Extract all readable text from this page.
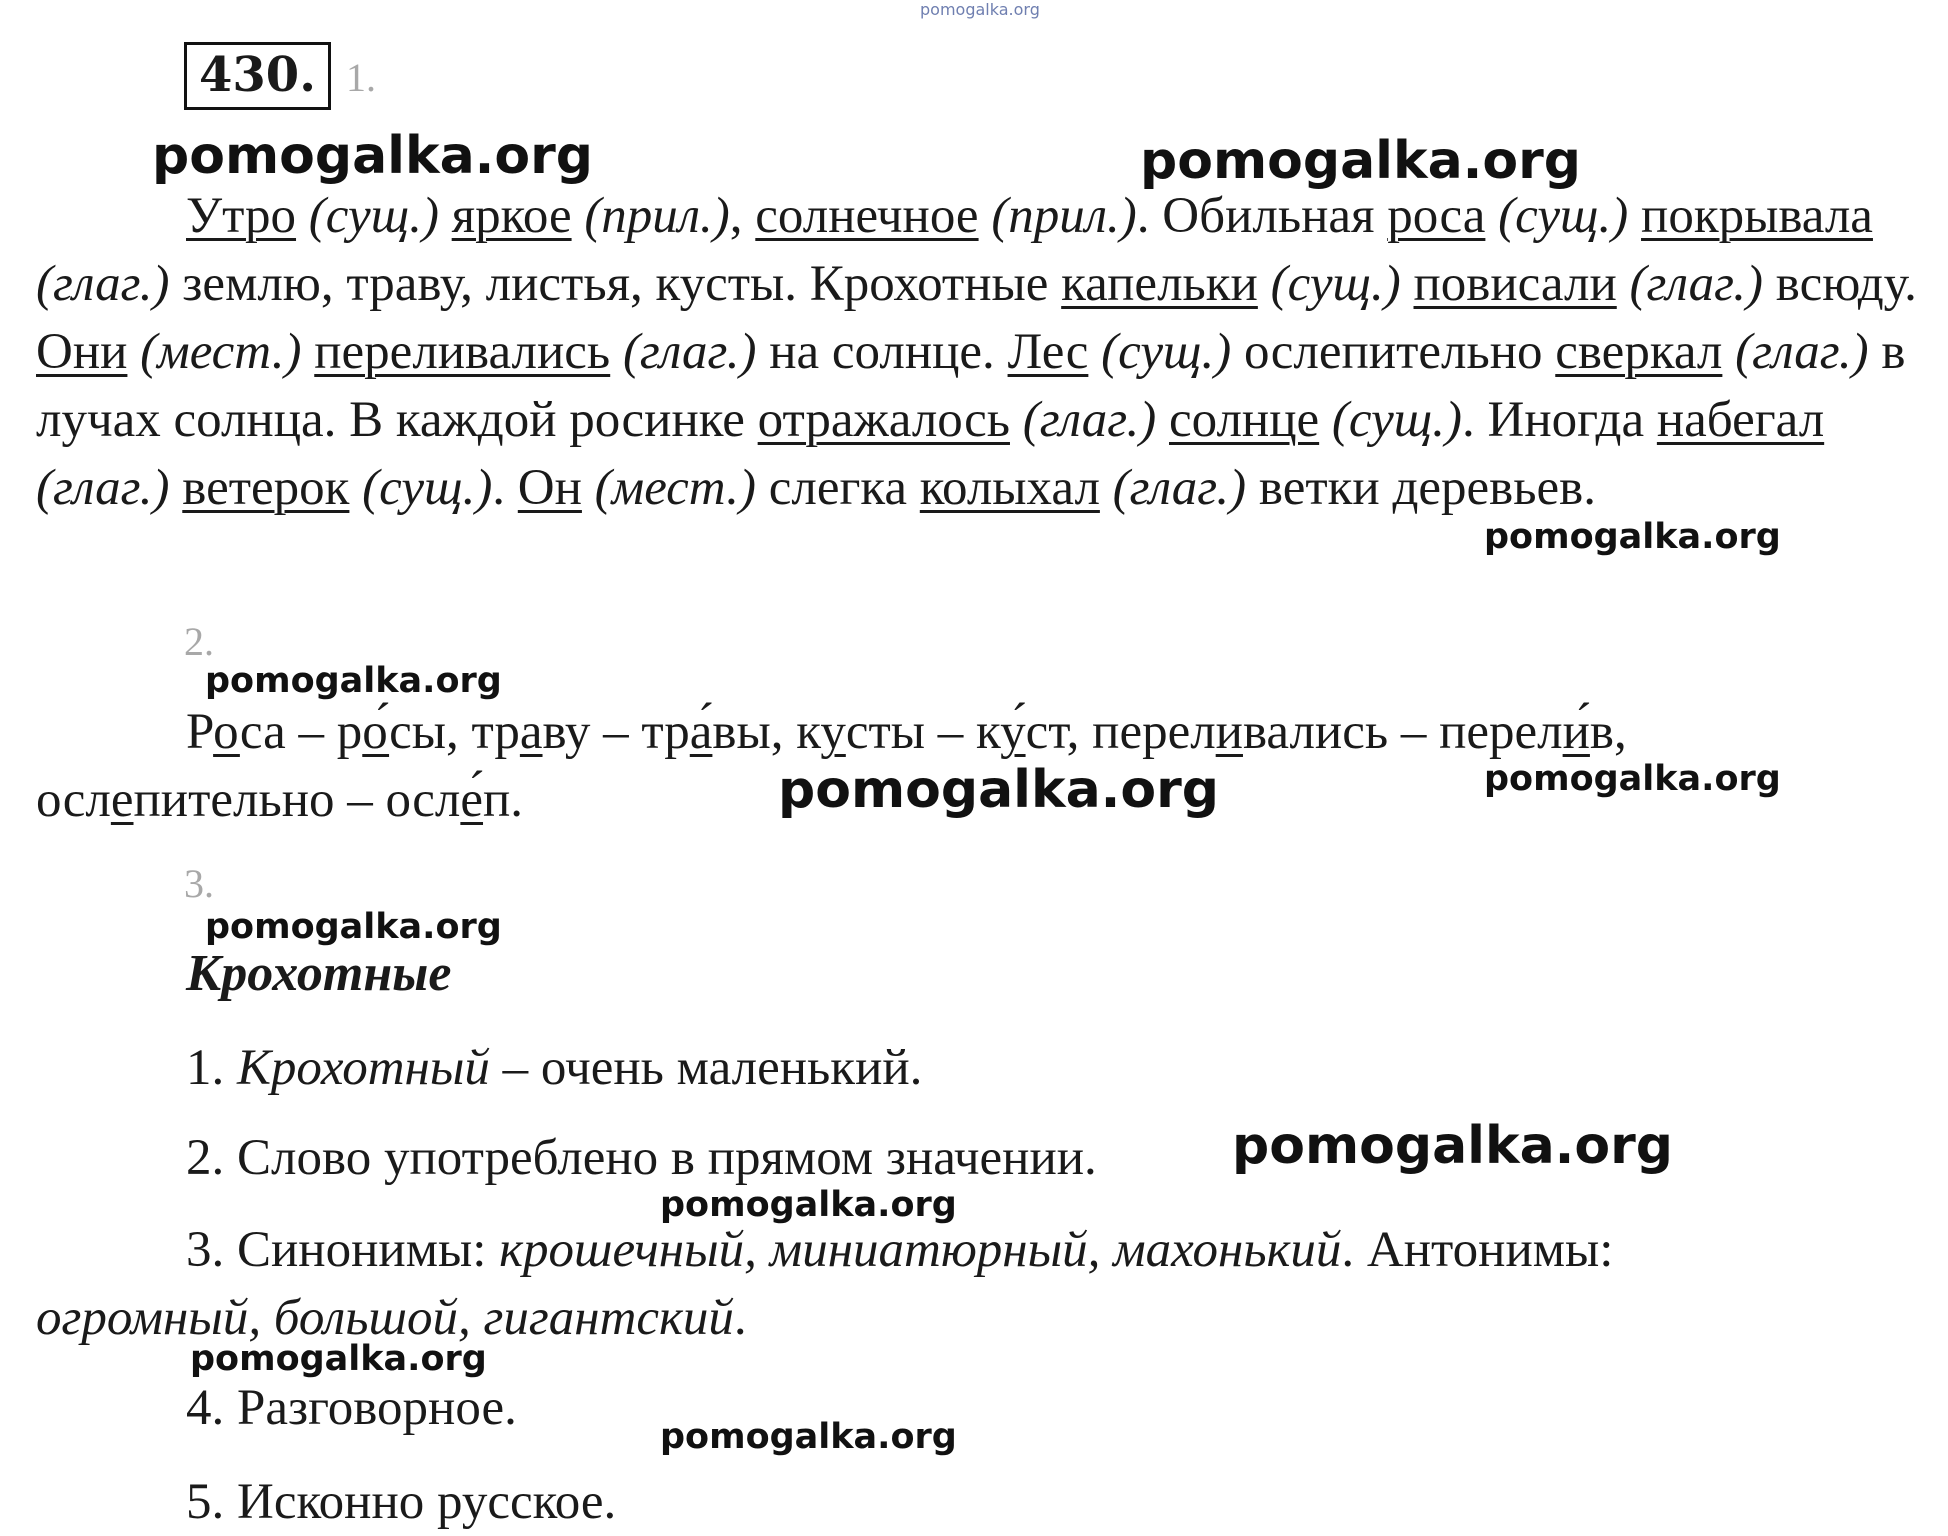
pomogalka.org
pomogalka.org	pomogalka.org
pomogalka.org
pomogalka.org
pomogalka.org	pomogalka.org
pomogalka.org
pomogalka.org
pomogalka.org
pomogalka.org
pomogalka.org
430. 1.

Утро (сущ.) яркое (прил.), солнечное (прил.). Обильная роса (сущ.) покрывала (глаг.) землю, траву, листья, кусты. Крохотные капельки (сущ.) повисали (глаг.) всюду. Они (мест.) переливались (глаг.) на солнце. Лес (сущ.) ослепительно сверкал (глаг.) в лучах солнца. В каждой росинке отражалось (глаг.) солнце (сущ.). Иногда набегал (глаг.) ветерок (сущ.). Он (мест.) слегка колыхал (глаг.) ветки деревьев.

2.

Роса – ро́сы, траву – тра́вы, кусты – ку́ст, переливались – перели́в, ослепительно – осле́п.

3.
Крохотные

1. Крохотный – очень маленький.

2. Слово употреблено в прямом значении.

3. Синонимы: крошечный, миниатюрный, махонький. Антонимы:

огромный, большой, гигантский.

4. Разговорное.

5. Исконно русское.
